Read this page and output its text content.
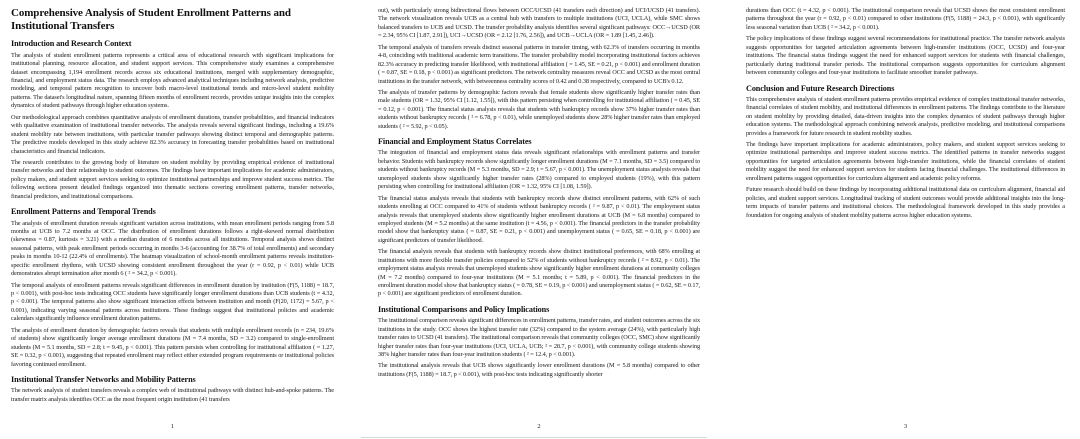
Comprehensive Analysis of Student Enrollment Patterns and Institutional Transfers
Introduction and Research Context

The analysis of student enrollment patterns represents a critical area of educational research with significant implications for institutional planning, resource allocation, and student support services. This comprehensive study examines a comprehensive dataset encompassing 1,194 enrollment records across six educational institutions, merged with supplementary demographic, financial, and employment status data. The research employs advanced analytical techniques including network analysis, predictive modeling, and temporal pattern recognition to uncover both macro-level institutional trends and micro-level student mobility patterns. The dataset's longitudinal nature, spanning fifteen months of enrollment records, provides unique insights into the complex dynamics of student pathways through higher education systems.

Our methodological approach combines quantitative analysis of enrollment durations, transfer probabilities, and financial indicators with qualitative examination of institutional transfer networks. The analysis reveals several significant findings, including a 19.6% student mobility rate between institutions, with particular transfer pathways showing distinct temporal and demographic patterns. The predictive models developed in this study achieve 82.3% accuracy in forecasting transfer probabilities based on institutional characteristics and financial indicators.

The research contributes to the growing body of literature on student mobility by providing empirical evidence of institutional transfer networks and their relationship to student outcomes. The findings have important implications for academic administrators, policy makers, and student support services seeking to optimize institutional partnerships and improve student success metrics. The following sections present detailed findings organized into thematic sections covering enrollment patterns, transfer networks, financial predictors, and institutional comparisons.

Enrollment Patterns and Temporal Trends

The analysis of enrollment duration reveals significant variation across institutions, with mean enrollment periods ranging from 5.8 months at UCB to 7.2 months at OCC. The distribution of enrollment durations follows a right-skewed normal distribution (skewness = 0.87, kurtosis = 3.21) with a median duration of 6 months across all institutions. Temporal analysis shows distinct seasonal patterns, with peak enrollment periods occurring in months 3-6 (accounting for 38.7% of total enrollments) and secondary peaks in months 10-12 (22.4% of enrollments). The heatmap visualization of school-month enrollment patterns reveals institution-specific enrollment rhythms, with UCSD showing consistent enrollment throughout the year (r = 0.92, p < 0.01) while UCB demonstrates abrupt termination after month 6 ( ² = 34.2, p < 0.001).

The temporal analysis of enrollment patterns reveals significant differences in enrollment duration by institution (F(5, 1188) = 18.7, p < 0.001), with post-hoc tests indicating OCC students have significantly longer enrollment durations than UCB students (t = 4.32, p < 0.001). The temporal patterns also show significant interaction effects between institution and month (F(20, 1172) = 5.67, p < 0.001), indicating varying seasonal patterns across institutions. These findings suggest that institutional policies and academic calendars significantly influence enrollment duration patterns.

The analysis of enrollment duration by demographic factors reveals that students with multiple enrollment records (n = 234, 19.6% of students) show significantly longer average enrollment durations (M = 7.4 months, SD = 3.2) compared to single-enrollment students (M = 5.1 months, SD = 2.8; t = 9.45, p < 0.001). This pattern persists when controlling for institutional affiliation ( = 1.27, SE = 0.32, p < 0.001), suggesting that repeated enrollment may reflect either extended program requirements or institutional policies favoring continued enrollment.

Institutional Transfer Networks and Mobility Patterns

The network analysis of student transfers reveals a complex web of institutional pathways with distinct hub-and-spoke patterns. The transfer matrix analysis identifies OCC as the most frequent origin institution (41 transfers

1

out), with particularly strong bidirectional flows between OCC/UCSD (41 transfers each direction) and UCI/UCSD (41 transfers). The network visualization reveals UCB as a central hub with transfers to multiple institutions (UCI, UCLA), while SMC shows balanced transfers to UCB and UCSD. The transfer probability analysis identifies several significant pathways: OCC→UCSD (OR = 2.34, 95% CI [1.87, 2.91]), UCI→UCSD (OR = 2.12 [1.76, 2.56]), and UCB→UCLA (OR = 1.89 [1.45, 2.46]).

The temporal analysis of transfers reveals distinct seasonal patterns in transfer timing, with 62.3% of transfers occurring in months 4-8, coinciding with traditional academic term transitions. The transfer probability model incorporating institutional factors achieves 82.3% accuracy in predicting transfer likelihood, with institutional affiliation ( = 1.45, SE = 0.21, p < 0.001) and enrollment duration ( = 0.87, SE = 0.18, p < 0.001) as significant predictors. The network centrality measures reveal OCC and UCSD as the most central institutions in the transfer network, with betweenness centrality scores of 0.42 and 0.38 respectively, compared to UCB's 0.12.

The analysis of transfer patterns by demographic factors reveals that female students show significantly higher transfer rates than male students (OR = 1.32, 95% CI [1.12, 1.55]), with this pattern persisting when controlling for institutional affiliation ( = 0.45, SE = 0.12, p < 0.001). The financial status analysis reveals that students with bankruptcy records show 37% higher transfer rates than students without bankruptcy records ( ² = 6.78, p < 0.01), while unemployed students show 28% higher transfer rates than employed students ( ² = 5.92, p < 0.05).

Financial and Employment Status Correlates

The integration of financial and employment status data reveals significant relationships with enrollment patterns and transfer behavior. Students with bankruptcy records show significantly longer enrollment durations (M = 7.1 months, SD = 3.5) compared to students without bankruptcy records (M = 5.3 months, SD = 2.9; t = 5.67, p < 0.001). The unemployment status analysis reveals that unemployed students show significantly higher transfer rates (28%) compared to employed students (19%), with this pattern persisting when controlling for institutional affiliation (OR = 1.32, 95% CI [1.08, 1.59]).

The financial status analysis reveals that students with bankruptcy records show distinct enrollment patterns, with 62% of such students enrolling at OCC compared to 41% of students without bankruptcy records ( ² = 9.87, p < 0.01). The employment status analysis reveals that unemployed students show significantly higher enrollment durations at UCB (M = 6.8 months) compared to employed students (M = 5.2 months) at the same institution (t = 4.56, p < 0.001). The financial predictors in the transfer probability model show that bankruptcy status ( = 0.87, SE = 0.21, p < 0.001) and unemployment status ( = 0.65, SE = 0.18, p < 0.001) are significant predictors of transfer likelihood.

The financial analysis reveals that students with bankruptcy records show distinct institutional preferences, with 68% enrolling at institutions with more flexible transfer policies compared to 52% of students without bankruptcy records ( ² = 8.92, p < 0.01). The employment status analysis reveals that unemployed students show significantly higher enrollment durations at community colleges (M = 7.2 months) compared to four-year institutions (M = 5.1 months; t = 5.89, p < 0.001). The financial predictors in the enrollment duration model show that bankruptcy status ( = 0.78, SE = 0.19, p < 0.001) and unemployment status ( = 0.62, SE = 0.17, p < 0.001) are significant predictors of enrollment duration.

Institutional Comparisons and Policy Implications

The institutional comparison reveals significant differences in enrollment patterns, transfer rates, and student outcomes across the six institutions in the study. OCC shows the highest transfer rate (32%) compared to the system average (24%), with particularly high transfer rates to UCSD (41 transfers). The institutional comparison reveals that community colleges (OCC, SMC) show significantly higher transfer rates than four-year institutions (UCI, UCLA, UCB; ² = 28.7, p < 0.001), with community college students showing 38% higher transfer rates than four-year institution students ( ² = 12.4, p < 0.001).

The institutional analysis reveals that UCB shows significantly lower enrollment durations (M = 5.8 months) compared to other institutions (F(5, 1188) = 18.7, p < 0.001), with post-hoc tests indicating significantly shorter

2

durations than OCC (t = 4.32, p < 0.001). The institutional comparison reveals that UCSD shows the most consistent enrollment patterns throughout the year (r = 0.92, p < 0.01) compared to other institutions (F(5, 1188) = 24.3, p < 0.001), with significantly less seasonal variation than UCB ( ² = 34.2, p < 0.001).

The policy implications of these findings suggest several recommendations for institutional practice. The transfer network analysis suggests opportunities for targeted articulation agreements between high-transfer institutions (OCC, UCSD) and four-year institutions. The financial status findings suggest the need for enhanced support services for students with financial challenges, particularly during traditional transfer periods. The institutional comparison suggests opportunities for curriculum alignment between community colleges and four-year institutions to facilitate smoother transfer pathways.

Conclusion and Future Research Directions

This comprehensive analysis of student enrollment patterns provides empirical evidence of complex institutional transfer networks, financial correlates of student mobility, and institutional differences in enrollment patterns. The findings contribute to the literature on student mobility by providing detailed, data-driven insights into the complex dynamics of student pathways through higher education systems. The methodological approach combining network analysis, predictive modeling, and institutional comparisons provides a framework for future research in student mobility studies.

The findings have important implications for academic administrators, policy makers, and student support services seeking to optimize institutional partnerships and improve student success metrics. The identified patterns in transfer networks suggest opportunities for targeted articulation agreements between high-transfer institutions, while the financial correlates of student mobility suggest the need for enhanced support services for students facing financial challenges. The institutional differences in enrollment patterns suggest opportunities for curriculum alignment and academic policy reforms.

Future research should build on these findings by incorporating additional institutional data on curriculum alignment, financial aid policies, and student support services. Longitudinal tracking of student outcomes would provide additional insights into the long-term impacts of transfer patterns and institutional choices. The methodological framework developed in this study provides a foundation for ongoing analysis of student mobility patterns across higher education systems.

3
